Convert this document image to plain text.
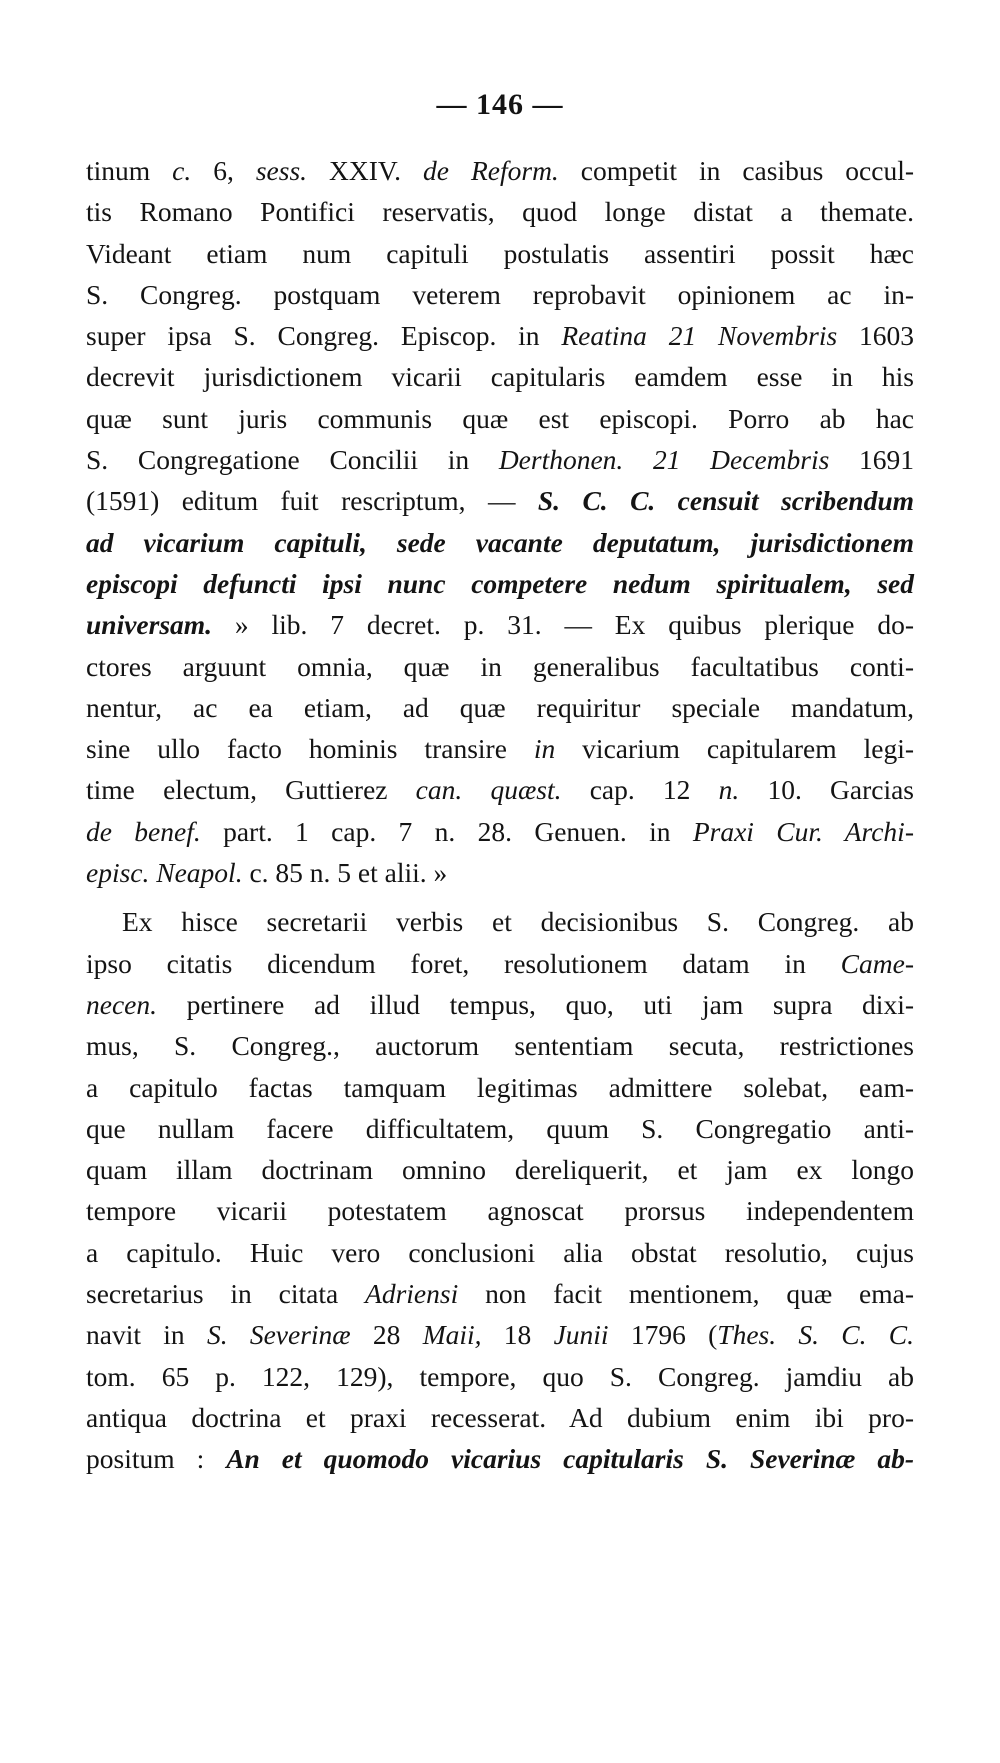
— 146 —
tinum c. 6, sess. XXIV. de Reform. competit in casibus occul-
tis Romano Pontifici reservatis, quod longe distat a themate.
Videant etiam num capituli postulatis assentiri possit hæc
S. Congreg. postquam veterem reprobavit opinionem ac in-
super ipsa S. Congreg. Episcop. in Reatina 21 Novembris 1603
decrevit jurisdictionem vicarii capitularis eamdem esse in his
quæ sunt juris communis quæ est episcopi. Porro ab hac
S. Congregatione Concilii in Derthonen. 21 Decembris 1691
(1591) editum fuit rescriptum, — S. C. C. censuit scribendum
ad vicarium capituli, sede vacante deputatum, jurisdictionem
episcopi defuncti ipsi nunc competere nedum spiritualem, sed
universam. » lib. 7 decret. p. 31. — Ex quibus plerique do-
ctores arguunt omnia, quæ in generalibus facultatibus conti-
nentur, ac ea etiam, ad quæ requiritur speciale mandatum,
sine ullo facto hominis transire in vicarium capitularem legi-
time electum, Guttierez can. quæst. cap. 12 n. 10. Garcias
de benef. part. 1 cap. 7 n. 28. Genuen. in Praxi Cur. Archi-
episc. Neapol. c. 85 n. 5 et alii. »
Ex hisce secretarii verbis et decisionibus S. Congreg. ab
ipso citatis dicendum foret, resolutionem datam in Came-
necen. pertinere ad illud tempus, quo, uti jam supra dixi-
mus, S. Congreg., auctorum sententiam secuta, restrictiones
a capitulo factas tamquam legitimas admittere solebat, eam-
que nullam facere difficultatem, quum S. Congregatio anti-
quam illam doctrinam omnino dereliquerit, et jam ex longo
tempore vicarii potestatem agnoscat prorsus independentem
a capitulo. Huic vero conclusioni alia obstat resolutio, cujus
secretarius in citata Adriensi non facit mentionem, quæ ema-
navit in S. Severinæ 28 Maii, 18 Junii 1796 (Thes. S. C. C.
tom. 65 p. 122, 129), tempore, quo S. Congreg. jamdiu ab
antiqua doctrina et praxi recesserat. Ad dubium enim ibi pro-
positum : An et quomodo vicarius capitularis S. Severinæ ab-
